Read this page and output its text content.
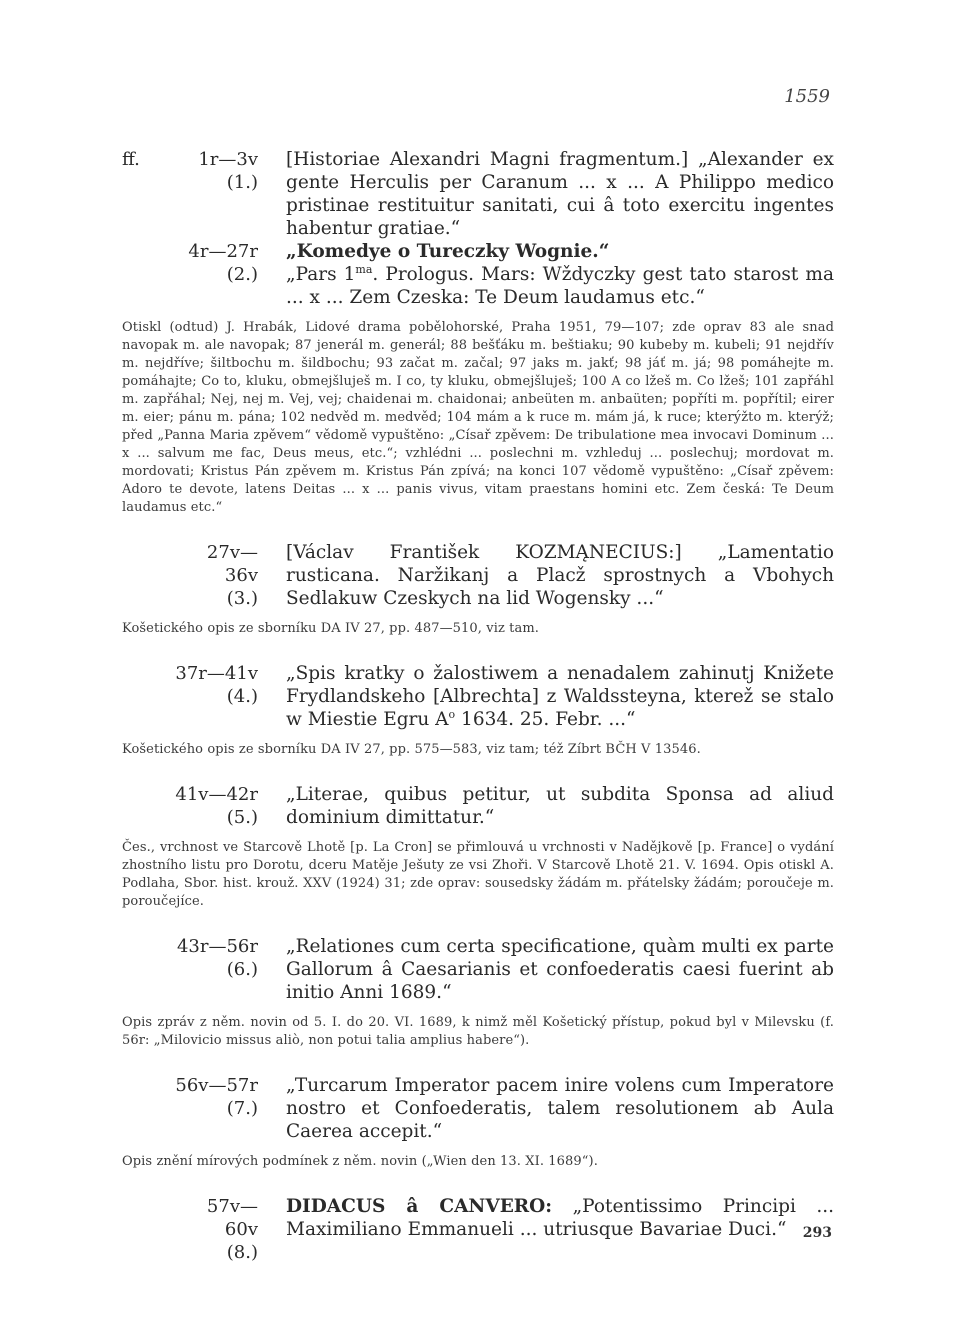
1559
ff.	1r—3v
(1.)
[Historiae Alexandri Magni fragmentum.] „Alexander ex gente Herculis per Caranum ... x ... A Philippo medico pristinae restituitur sanitati, cui â toto exercitu ingentes habentur gratiae.“
4r—27r
(2.)
„Komedye o Tureczky Wognie.“
„Pars $1^{ma}$. Prologus. Mars: Wždyczky gest tato starost ma ... x ... Zem Czeska: Te Deum laudamus etc.“
Otiskl (odtud) J. Hrabák, Lidové drama pobělohorské, Praha 1951, 79—107; zde oprav 83 ale snad navopak m. ale navopak; 87 jenerál m. generál; 88 bešťáku m. beštiaku; 90 kubeby m. kubeli; 91 nejdřív m. nejdříve; šiltbochu m. šildbochu; 93 začat m. začal; 97 jaks m. jakť; 98 jáť m. já; 98 pomáhejte m. pomáhajte; Co to, kluku, obmejšluješ m. I co, ty kluku, obmejšluješ; 100 A co lžeš m. Co lžeš; 101 zapřáhl m. zapřáhal; Nej, nej m. Vej, vej; chaidenai m. chaidonai; anbeüten m. anbaüten; popříti m. popřítil; eirer m. eier; pánu m. pána; 102 nedvěd m. medvěd; 104 mám a k ruce m. mám já, k ruce; kterýžto m. kterýž; před „Panna Maria zpěvem“ vědomě vypuštěno: „Císař zpěvem: De tribulatione mea invocavi Dominum ... x ... salvum me fac, Deus meus, etc.“; vzhlédni ... poslechni m. vzhleduj ... poslechuj; mordovat m. mordovati; Kristus Pán zpěvem m. Kristus Pán zpívá; na konci 107 vědomě vypuštěno: „Císař zpěvem: Adoro te devote, latens Deitas ... x ... panis vivus, vitam praestans homini etc. Zem česká: Te Deum laudamus etc.“
27v—36v
(3.)
[Václav František KOZMĄNECIUS:] „Lamentatio rusticana. Naržikanj a Placž sprostnych a Vbohych Sedlakuw Czeskych na lid Wogensky ...“
Košetického opis ze sborníku DA IV 27, pp. 487—510, viz tam.
37r—41v
(4.)
„Spis kratky o žalostiwem a nenadalem zahinutj Knižete Frydlandskeho [Albrechta] z Waldssteyna, kterež se stalo w Miestie Egru $A^o$ 1634. 25. Febr. ...“
Košetického opis ze sborníku DA IV 27, pp. 575—583, viz tam; též Zíbrt BČH V 13546.
41v—42r
(5.)
„Literae, quibus petitur, ut subdita Sponsa ad aliud dominium dimittatur.“
Čes., vrchnost ve Starcově Lhotě [p. La Cron] se přimlouvá u vrchnosti v Nadějkově [p. France] o vydání zhostního listu pro Dorotu, dceru Matěje Ješuty ze vsi Zhoři. V Starcově Lhotě 21. V. 1694. Opis otiskl A. Podlaha, Sbor. hist. krouž. XXV (1924) 31; zde oprav: sousedsky žádám m. přátelsky žádám; poroučeje m. poroučejíce.
43r—56r
(6.)
„Relationes cum certa specificatione, quàm multi ex parte Gallorum â Caesarianis et confoederatis caesi fuerint ab initio Anni 1689.“
Opis zpráv z něm. novin od 5. I. do 20. VI. 1689, k nimž měl Košetický přístup, pokud byl v Milevsku (f. 56r: „Milovicio missus aliò, non potui talia amplius habere“).
56v—57r
(7.)
„Turcarum Imperator pacem inire volens cum Imperatore nostro et Confoederatis, talem resolutionem ab Aula Caerea accepit.“
Opis znění mírových podmínek z něm. novin („Wien den 13. XI. 1689“).
57v—60v
(8.)
DIDACUS â CANVERO: „Potentissimo Principi ... Maximiliano Emmanueli ... utriusque Bavariae Duci.“	293
